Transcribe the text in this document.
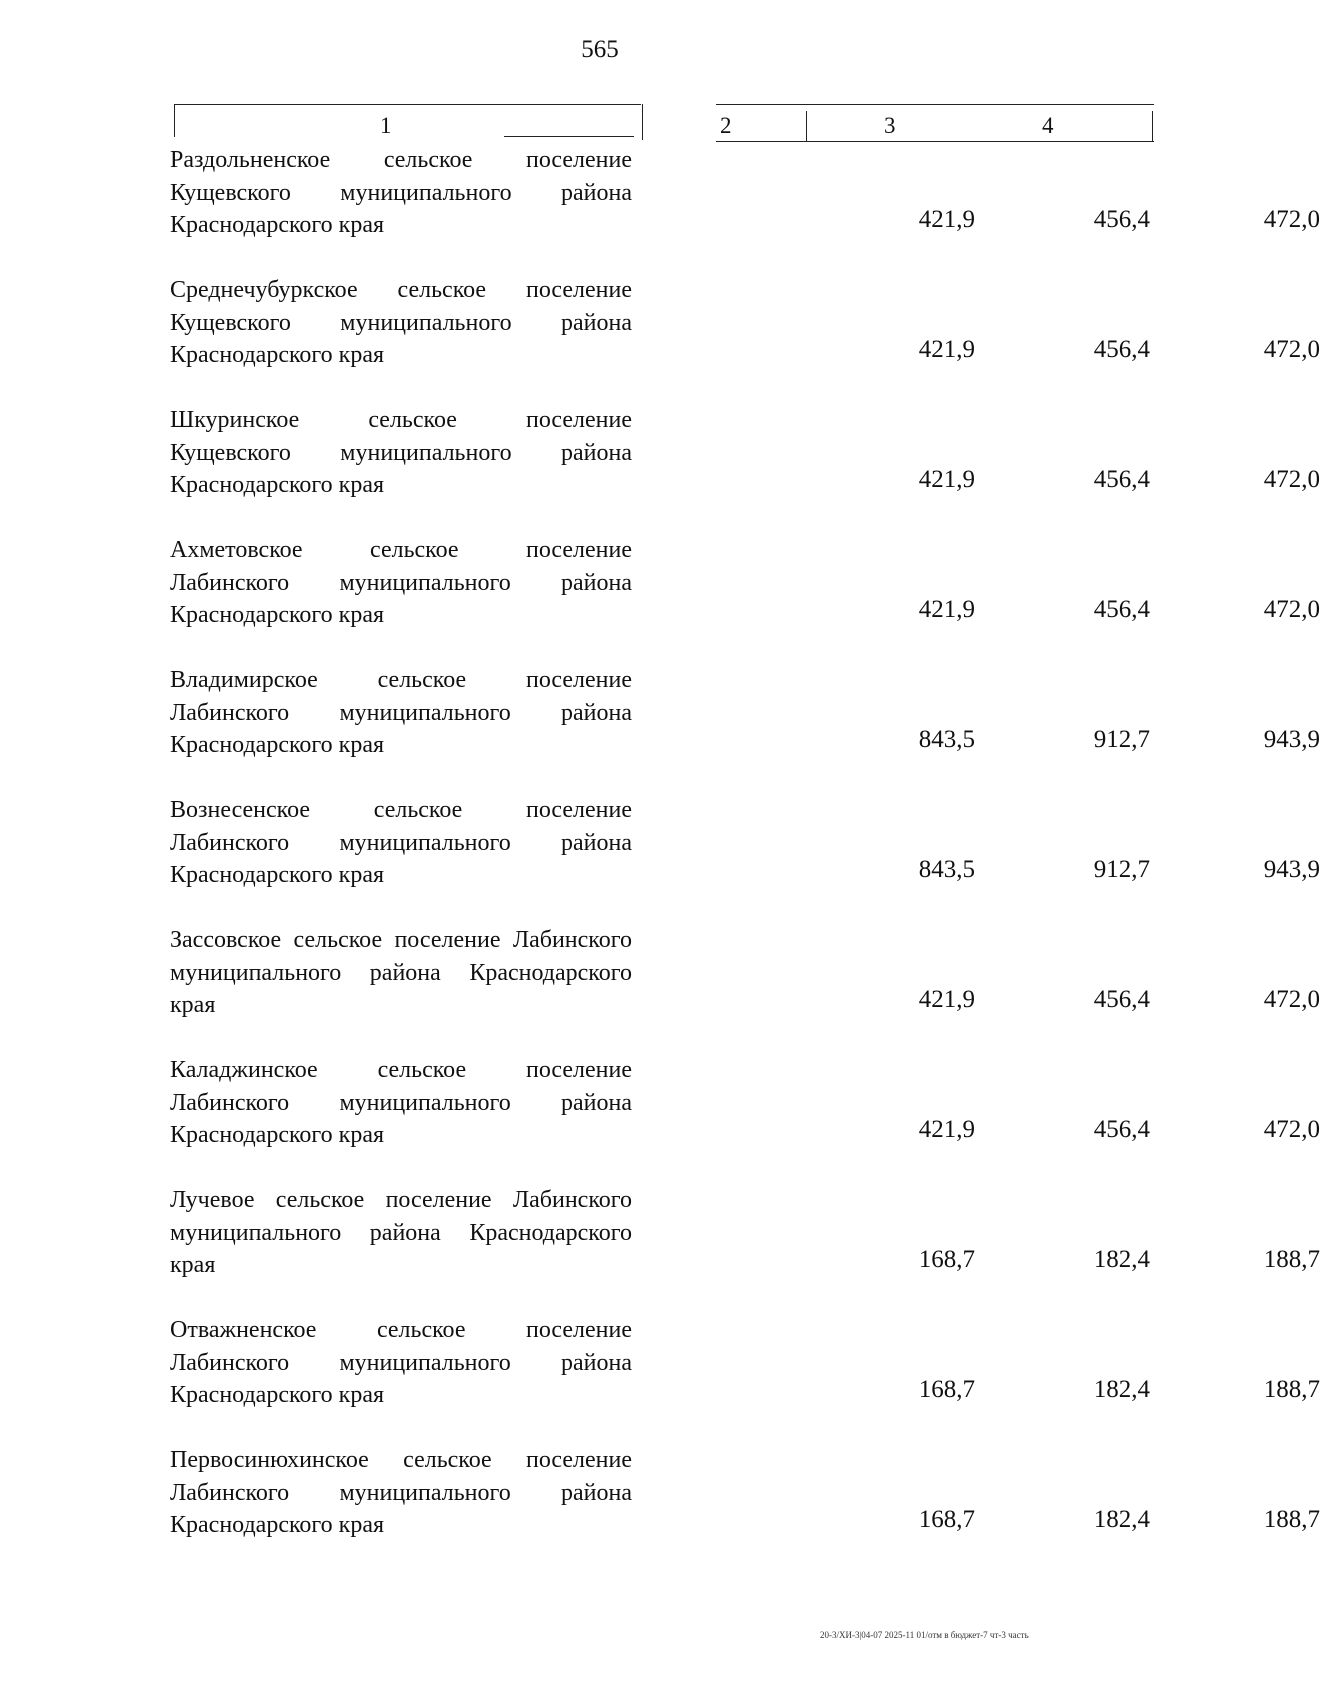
565
1	2	3	4
Раздольненское сельское поселение Кущевского муниципального района Краснодарского края	421,9	456,4	472,0
Среднечубуркское сельское поселение Кущевского муниципального района Краснодарского края	421,9	456,4	472,0
Шкуринское сельское поселение Кущевского муниципального района Краснодарского края	421,9	456,4	472,0
Ахметовское сельское поселение Лабинского муниципального района Краснодарского края	421,9	456,4	472,0
Владимирское сельское поселение Лабинского муниципального района Краснодарского края	843,5	912,7	943,9
Вознесенское сельское поселение Лабинского муниципального района Краснодарского края	843,5	912,7	943,9
Зассовское сельское поселение Лабинского муниципального района Краснодарского края	421,9	456,4	472,0
Каладжинское сельское поселение Лабинского муниципального района Краснодарского края	421,9	456,4	472,0
Лучевое сельское поселение Лабинского муниципального района Краснодарского края	168,7	182,4	188,7
Отважненское сельское поселение Лабинского муниципального района Краснодарского края	168,7	182,4	188,7
Первосинюхинское сельское поселение Лабинского муниципального района Краснодарского края	168,7	182,4	188,7
20-3/ХИ-3|04-07 2025-11 01/отм в бюджет-7 чт-3 часть
